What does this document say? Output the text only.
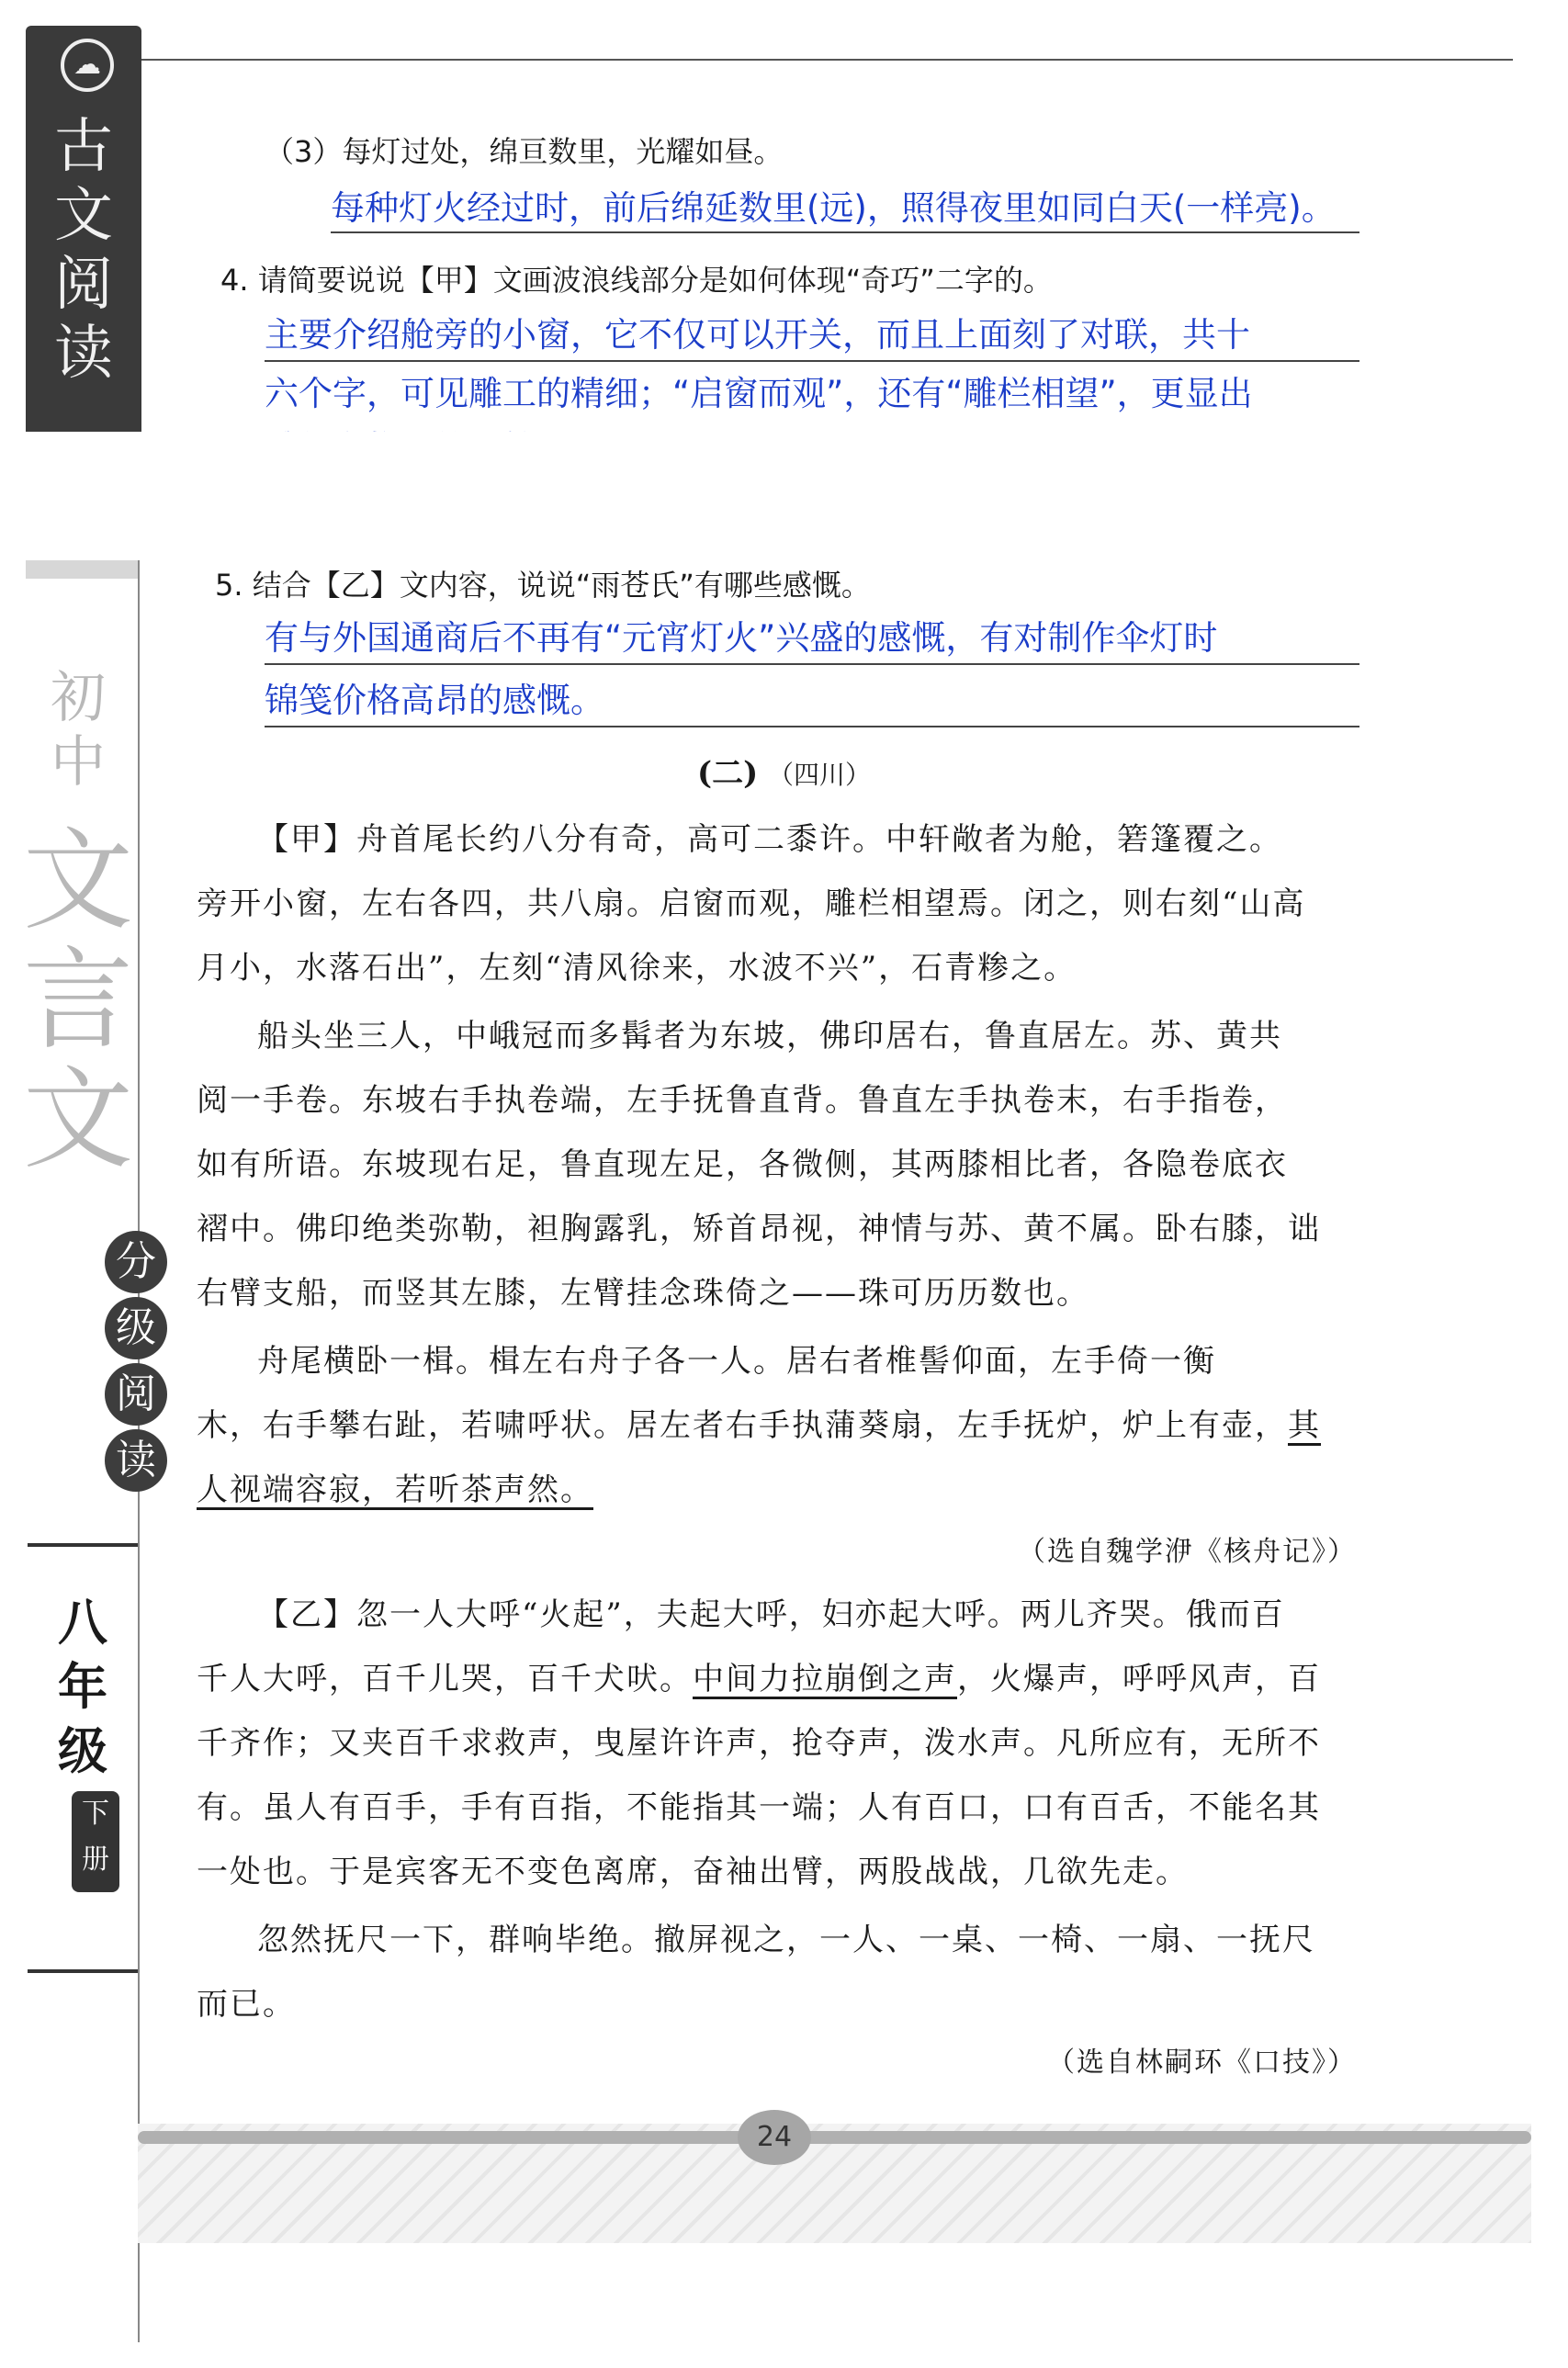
☁
古
文
阅
读
（3）每灯过处，绵亘数里，光耀如昼。
每种灯火经过时，前后绵延数里(远)，照得夜里如同白天(一样亮)。
4. 请简要说说【甲】文画波浪线部分是如何体现“奇巧”二字的。
主要介绍舱旁的小窗，它不仅可以开关，而且上面刻了对联，共十
六个字，可见雕工的精细；“启窗而观”，还有“雕栏相望”，更显出
初
中
文
言
文
分
级
阅
读
八
年
级
下
册
5. 结合【乙】文内容，说说“雨苍氏”有哪些感慨。
有与外国通商后不再有“元宵灯火”兴盛的感慨，有对制作伞灯时
锦笺价格高昂的感慨。
(二) （四川）
【甲】舟首尾长约八分有奇，高可二黍许。中轩敞者为舱，箬篷覆之。
旁开小窗，左右各四，共八扇。启窗而观，雕栏相望焉。闭之，则右刻“山高
月小，水落石出”，左刻“清风徐来，水波不兴”，石青糁之。
船头坐三人，中峨冠而多髯者为东坡，佛印居右，鲁直居左。苏、黄共
阅一手卷。东坡右手执卷端，左手抚鲁直背。鲁直左手执卷末，右手指卷，
如有所语。东坡现右足，鲁直现左足，各微侧，其两膝相比者，各隐卷底衣
褶中。佛印绝类弥勒，袒胸露乳，矫首昂视，神情与苏、黄不属。卧右膝，诎
右臂支船，而竖其左膝，左臂挂念珠倚之——珠可历历数也。
舟尾横卧一楫。楫左右舟子各一人。居右者椎髻仰面，左手倚一衡
木，右手攀右趾，若啸呼状。居左者右手执蒲葵扇，左手抚炉，炉上有壶，其
人视端容寂，若听茶声然。
（选自魏学洢《核舟记》）
【乙】忽一人大呼“火起”，夫起大呼，妇亦起大呼。两儿齐哭。俄而百
千人大呼，百千儿哭，百千犬吠。中间力拉崩倒之声，火爆声，呼呼风声，百
千齐作；又夹百千求救声，曳屋许许声，抢夺声，泼水声。凡所应有，无所不
有。虽人有百手，手有百指，不能指其一端；人有百口，口有百舌，不能名其
一处也。于是宾客无不变色离席，奋袖出臂，两股战战，几欲先走。
忽然抚尺一下，群响毕绝。撤屏视之，一人、一桌、一椅、一扇、一抚尺
而已。
（选自林嗣环《口技》）
24
